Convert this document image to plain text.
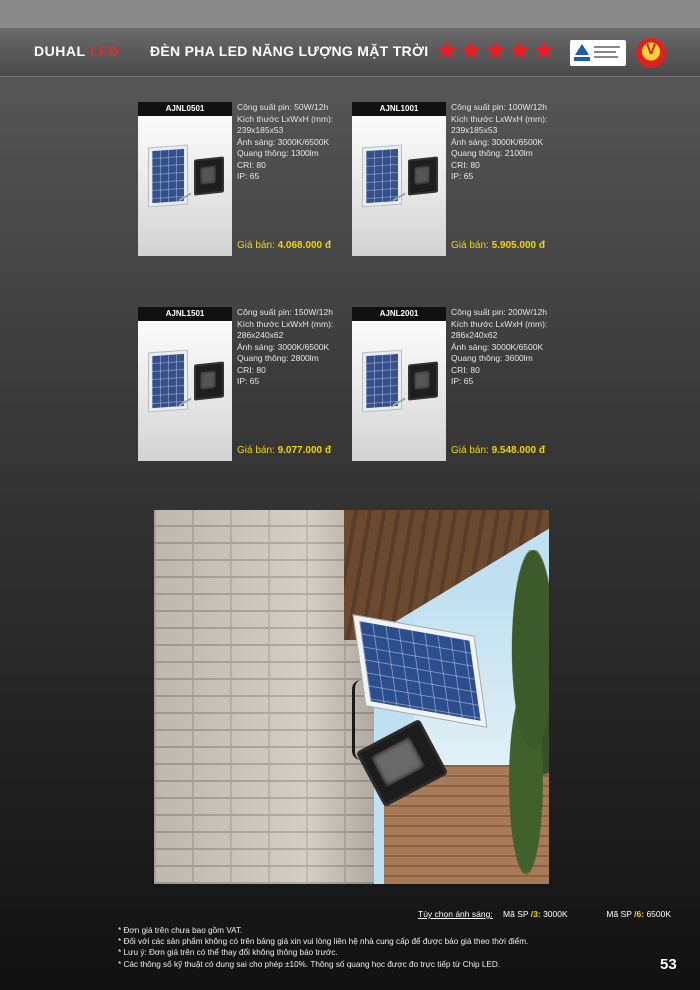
DUHAL LED ĐÈN PHA LED NĂNG LƯỢNG MẶT TRỜI ★ ★ ★ ★ ★	V
AJNL0501	Công suất pin: 50W/12h
Kích thước LxWxH (mm):
239x185x53
Ánh sáng: 3000K/6500K
Quang thông: 1300lm
CRI: 80
IP: 65
Giá bán: 4.068.000 đ
AJNL1001	Công suất pin: 100W/12h
Kích thước LxWxH (mm):
239x185x53
Ánh sáng: 3000K/6500K
Quang thông: 2100lm
CRI: 80
IP: 65
Giá bán: 5.905.000 đ
AJNL1501	Công suất pin: 150W/12h
Kích thước LxWxH (mm):
286x240x62
Ánh sáng: 3000K/6500K
Quang thông: 2800lm
CRI: 80
IP: 65
Giá bán: 9.077.000 đ
AJNL2001	Công suất pin: 200W/12h
Kích thước LxWxH (mm):
286x240x62
Ánh sáng: 3000K/6500K
Quang thông: 3600lm
CRI: 80
IP: 65
Giá bán: 9.548.000 đ
Tùy chọn ánh sáng: Mã SP /3: 3000K	Mã SP /6: 6500K
* Đơn giá trên chưa bao gồm VAT.
* Đối với các sản phẩm không có trên bảng giá xin vui lòng liên hệ nhà cung cấp để được báo giá theo thời điểm.
* Lưu ý: Đơn giá trên có thể thay đổi không thông báo trước.
* Các thông số kỹ thuật có dung sai cho phép ±10%. Thông số quang học được đo trực tiếp từ Chip LED.	53
